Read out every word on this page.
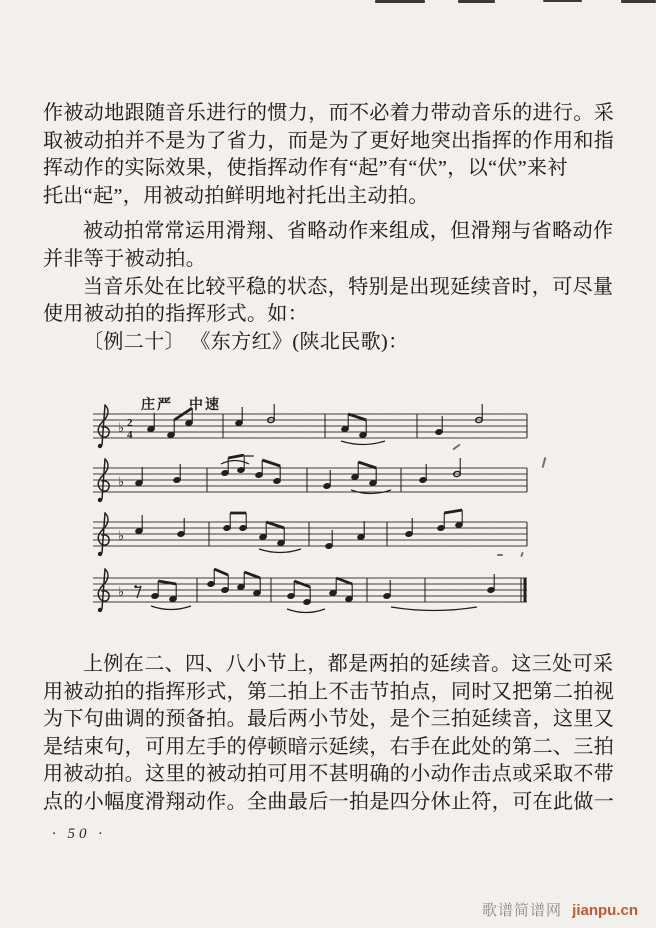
作被动地跟随音乐进行的惯力，而不必着力带动音乐的进行。采
取被动拍并不是为了省力，而是为了更好地突出指挥的作用和指
挥动作的实际效果，使指挥动作有“起”有“伏”，以“伏”来衬
托出“起”，用被动拍鲜明地衬托出主动拍。
被动拍常常运用滑翔、省略动作来组成，但滑翔与省略动作
并非等于被动拍。
当音乐处在比较平稳的状态，特别是出现延续音时，可尽量
使用被动拍的指挥形式。如：
〔例二十〕 《东方红》(陕北民歌)：
庄严　中速
♭ 2
4
♭
♭
♭
上例在二、四、八小节上，都是两拍的延续音。这三处可采
用被动拍的指挥形式，第二拍上不击节拍点，同时又把第二拍视
为下句曲调的预备拍。最后两小节处，是个三拍延续音，这里又
是结束句，可用左手的停顿暗示延续，右手在此处的第二、三拍
用被动拍。这里的被动拍可用不甚明确的小动作击点或采取不带
点的小幅度滑翔动作。全曲最后一拍是四分休止符，可在此做一
· 50 ·
歌谱简谱网 jianpu.cn
